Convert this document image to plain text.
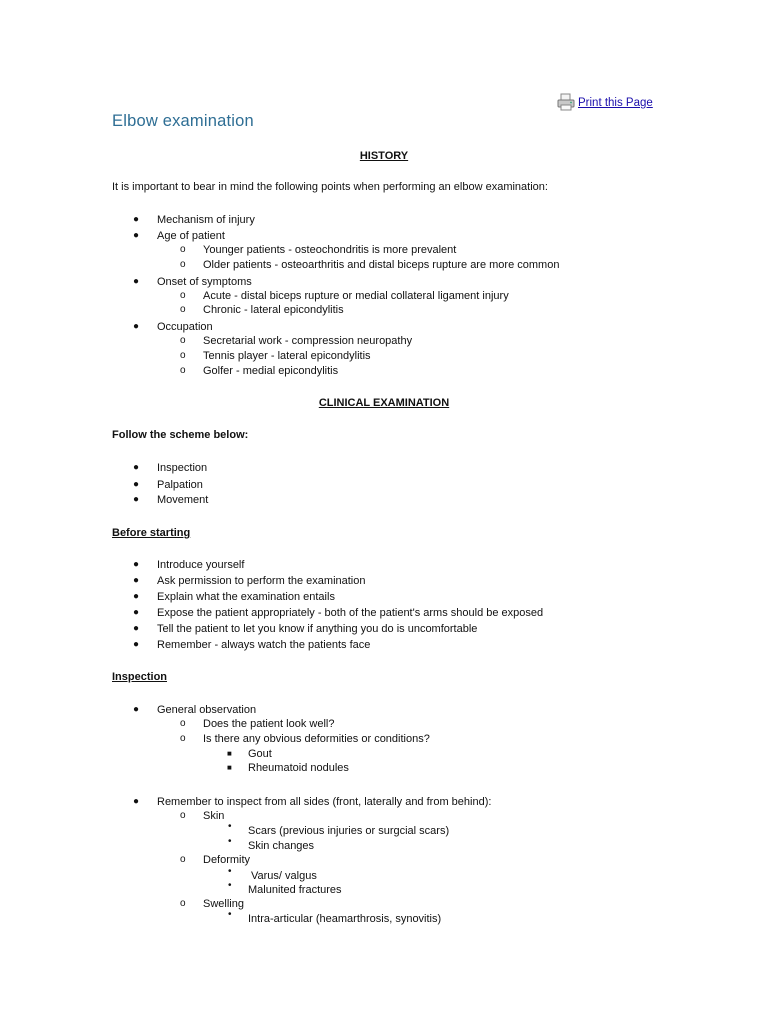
Print this Page
Elbow examination
HISTORY
It is important to bear in mind the following points when performing an elbow examination:
● Mechanism of injury
● Age of patient
o Younger patients - osteochondritis is more prevalent
o Older patients - osteoarthritis and distal biceps rupture are more common
● Onset of symptoms
o Acute - distal biceps rupture or medial collateral ligament injury
o Chronic - lateral epicondylitis
● Occupation
o Secretarial work - compression neuropathy
o Tennis player - lateral epicondylitis
o Golfer - medial epicondylitis
CLINICAL EXAMINATION
Follow the scheme below:
● Inspection
● Palpation
● Movement
Before starting
● Introduce yourself
● Ask permission to perform the examination
● Explain what the examination entails
● Expose the patient appropriately - both of the patient's arms should be exposed
● Tell the patient to let you know if anything you do is uncomfortable
● Remember - always watch the patients face
Inspection
● General observation
o Does the patient look well?
o Is there any obvious deformities or conditions?
■ Gout
■ Rheumatoid nodules
● Remember to inspect from all sides (front, laterally and from behind):
o Skin
• Scars (previous injuries or surgcial scars)
• Skin changes
o Deformity
• Varus/ valgus
• Malunited fractures
o Swelling
• Intra-articular (heamarthrosis, synovitis)
